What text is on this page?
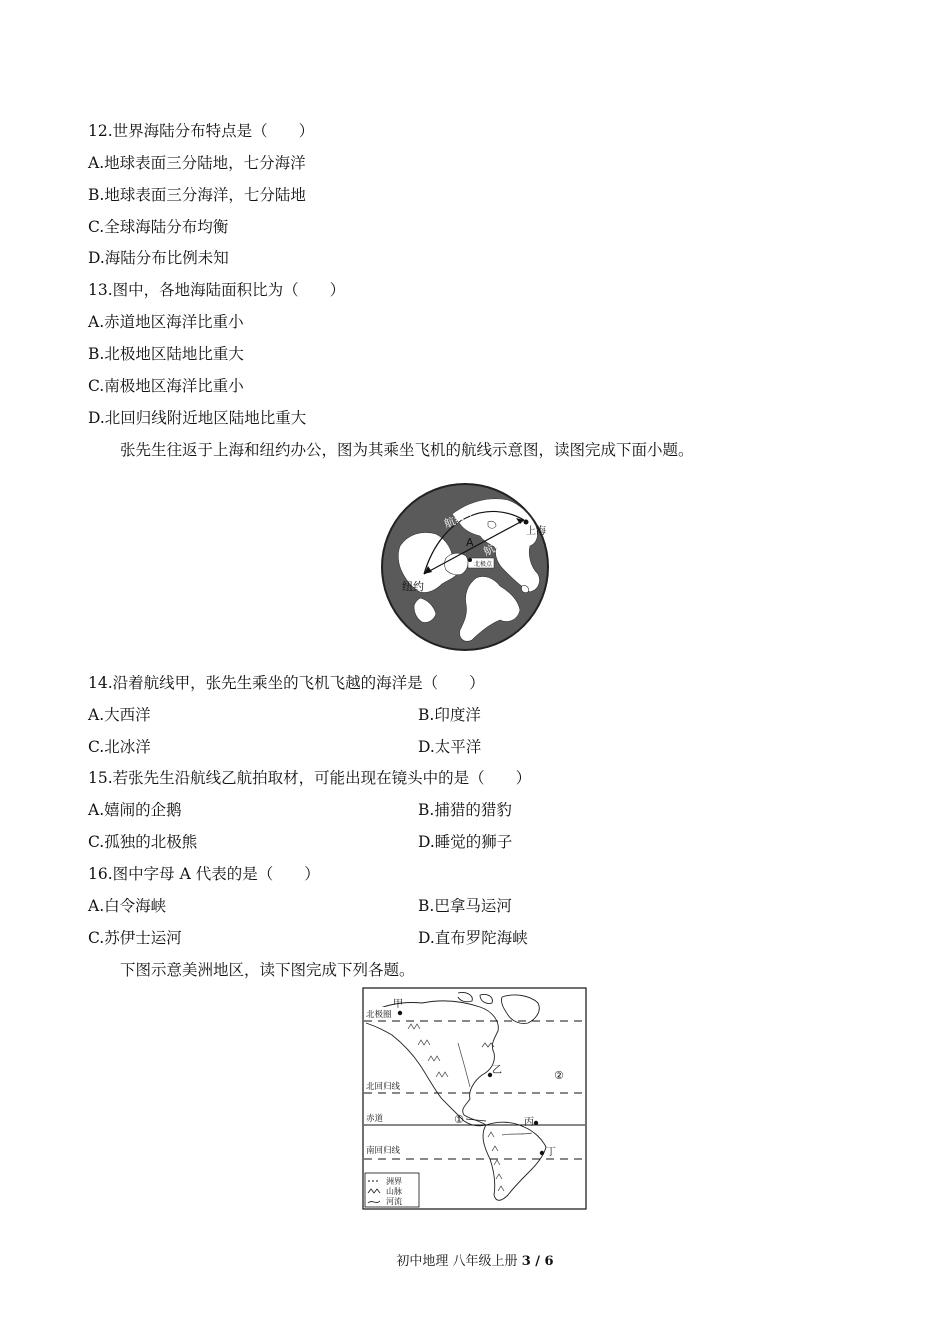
12.世界海陆分布特点是（　　）
A.地球表面三分陆地，七分海洋
B.地球表面三分海洋，七分陆地
C.全球海陆分布均衡
D.海陆分布比例未知
13.图中，各地海陆面积比为（　　）
A.赤道地区海洋比重小
B.北极地区陆地比重大
C.南极地区海洋比重小
D.北回归线附近地区陆地比重大
张先生往返于上海和纽约办公，图为其乘坐飞机的航线示意图，读图完成下面小题。
北极点
航线甲
航线乙
上海
纽约
A
14.沿着航线甲，张先生乘坐的飞机飞越的海洋是（　　）
A.大西洋	B.印度洋
C.北冰洋	D.太平洋
15.若张先生沿航线乙航拍取材，可能出现在镜头中的是（　　）
A.嬉闹的企鹅	B.捕猎的猎豹
C.孤独的北极熊	D.睡觉的狮子
16.图中字母 A 代表的是（　　）
A.白令海峡	B.巴拿马运河
C.苏伊士运河	D.直布罗陀海峡
下图示意美洲地区，读下图完成下列各题。
北极圈
北回归线
赤道
南回归线
甲
乙
丙
丁
①
②
洲界
山脉
河流
初中地理 八年级上册 3 / 6
